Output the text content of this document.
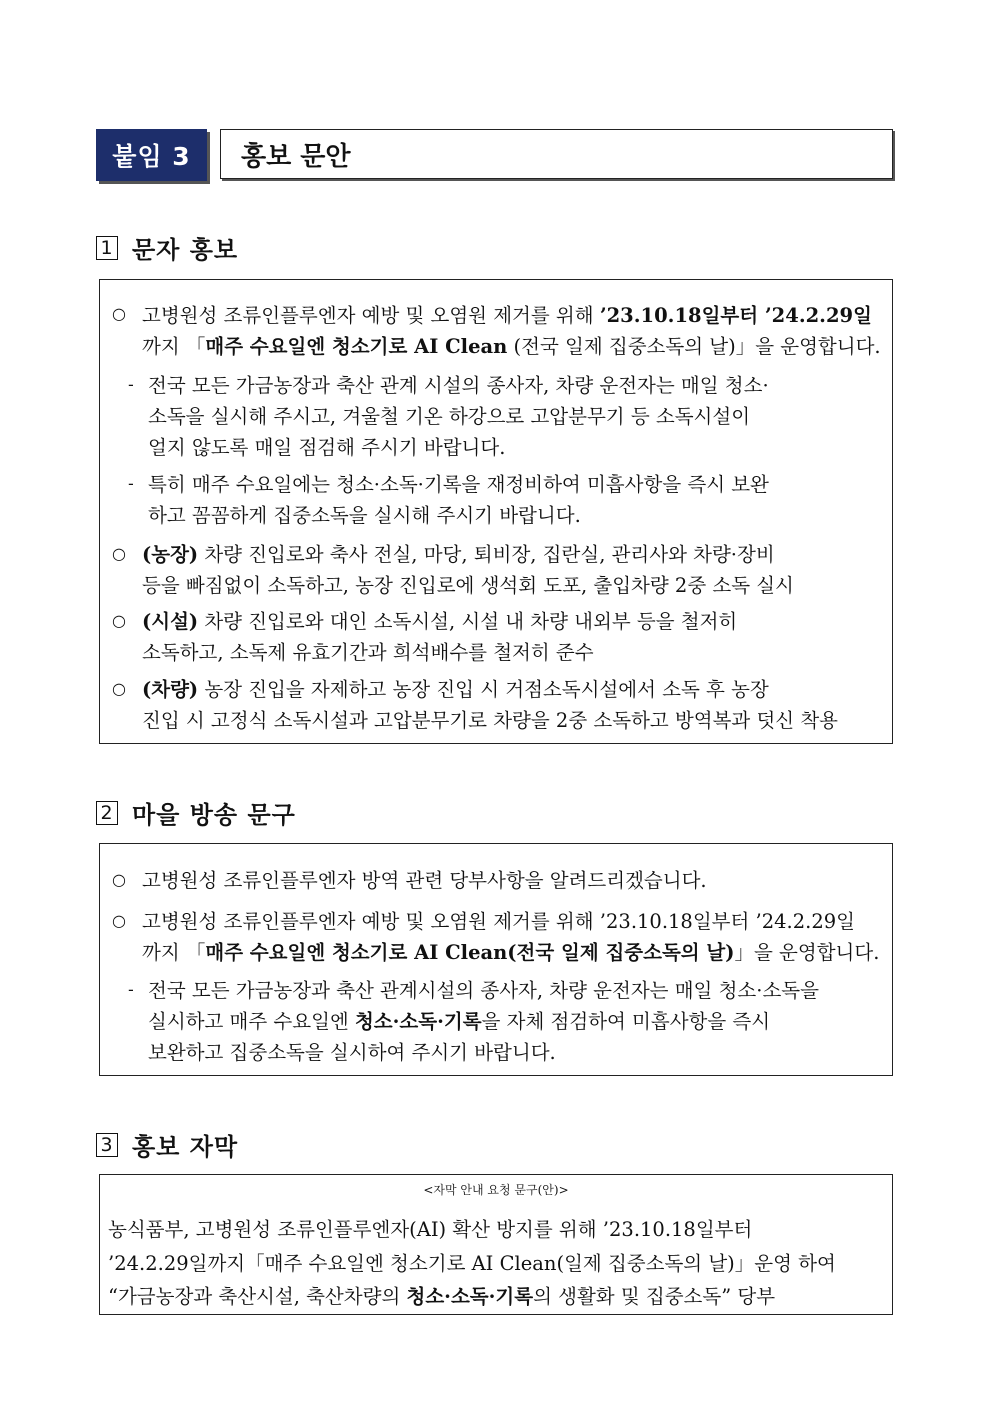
붙임 3	홍보 문안
1 문자 홍보
○ 고병원성 조류인플루엔자 예방 및 오염원 제거를 위해 ’23.10.18일부터 ’24.2.29일
까지 「매주 수요일엔 청소기로 AI Clean (전국 일제 집중소독의 날)」을 운영합니다.
- 전국 모든 가금농장과 축산 관계 시설의 종사자, 차량 운전자는 매일 청소·
소독을 실시해 주시고, 겨울철 기온 하강으로 고압분무기 등 소독시설이
얼지 않도록 매일 점검해 주시기 바랍니다.
- 특히 매주 수요일에는 청소·소독·기록을 재정비하여 미흡사항을 즉시 보완
하고 꼼꼼하게 집중소독을 실시해 주시기 바랍니다.
○ (농장) 차량 진입로와 축사 전실, 마당, 퇴비장, 집란실, 관리사와 차량·장비
등을 빠짐없이 소독하고, 농장 진입로에 생석회 도포, 출입차량 2중 소독 실시
○ (시설) 차량 진입로와 대인 소독시설, 시설 내 차량 내외부 등을 철저히
소독하고, 소독제 유효기간과 희석배수를 철저히 준수
○ (차량) 농장 진입을 자제하고 농장 진입 시 거점소독시설에서 소독 후 농장
진입 시 고정식 소독시설과 고압분무기로 차량을 2중 소독하고 방역복과 덧신 착용
2 마을 방송 문구
○ 고병원성 조류인플루엔자 방역 관련 당부사항을 알려드리겠습니다.
○ 고병원성 조류인플루엔자 예방 및 오염원 제거를 위해 ’23.10.18일부터 ’24.2.29일
까지 「매주 수요일엔 청소기로 AI Clean(전국 일제 집중소독의 날)」을 운영합니다.
- 전국 모든 가금농장과 축산 관계시설의 종사자, 차량 운전자는 매일 청소·소독을
실시하고 매주 수요일엔 청소·소독·기록을 자체 점검하여 미흡사항을 즉시
보완하고 집중소독을 실시하여 주시기 바랍니다.
3 홍보 자막
<자막 안내 요청 문구(안)>
농식품부, 고병원성 조류인플루엔자(AI) 확산 방지를 위해 ’23.10.18일부터
’24.2.29일까지「매주 수요일엔 청소기로 AI Clean(일제 집중소독의 날)」운영 하여
“가금농장과 축산시설, 축산차량의 청소·소독·기록의 생활화 및 집중소독” 당부
